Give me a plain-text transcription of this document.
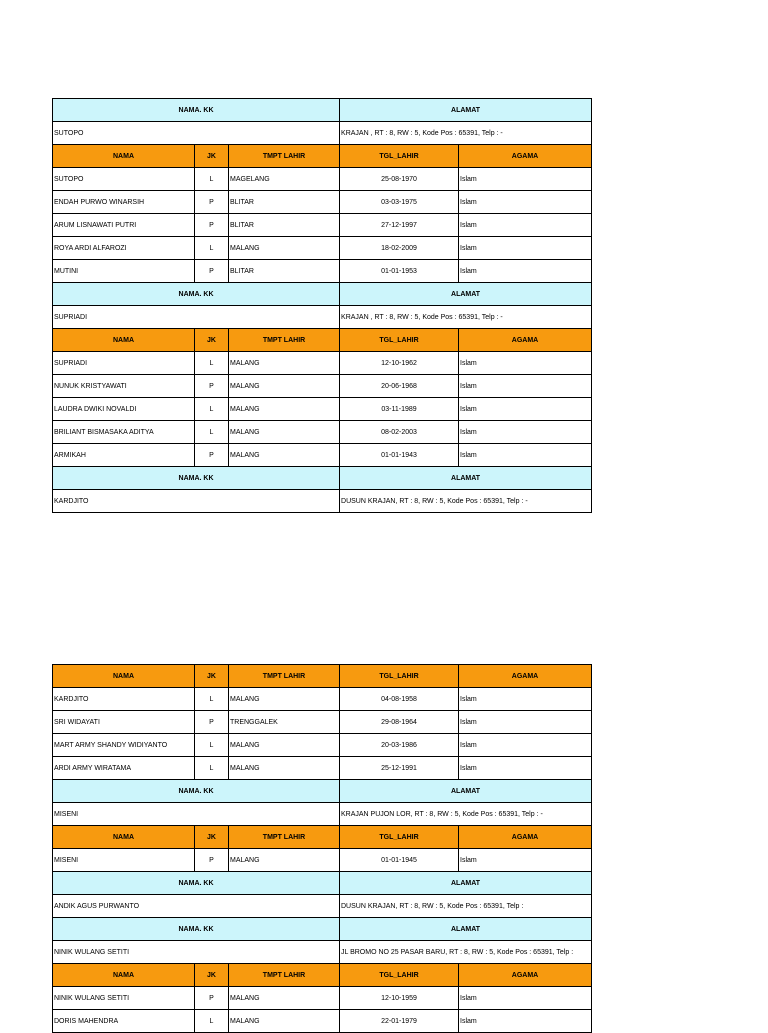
NAMA. KK			ALAMAT	
SUTOPO			KRAJAN , RT : 8, RW : 5, Kode Pos : 65391, Telp : -	
NAMA	JK	TMPT LAHIR	TGL_LAHIR	AGAMA
SUTOPO	L	MAGELANG	25-08-1970	Islam
ENDAH PURWO WINARSIH	P	BLITAR	03-03-1975	Islam
ARUM LISNAWATI PUTRI	P	BLITAR	27-12-1997	Islam
ROYA ARDI ALFAROZI	L	MALANG	18-02-2009	Islam
MUTINI	P	BLITAR	01-01-1953	Islam
NAMA. KK			ALAMAT	
SUPRIADI			KRAJAN , RT : 8, RW : 5, Kode Pos : 65391, Telp : -	
NAMA	JK	TMPT LAHIR	TGL_LAHIR	AGAMA
SUPRIADI	L	MALANG	12-10-1962	Islam
NUNUK KRISTYAWATI	P	MALANG	20-06-1968	Islam
LAUDRA DWIKI NOVALDI	L	MALANG	03-11-1989	Islam
BRILIANT BISMASAKA ADITYA	L	MALANG	08-02-2003	Islam
ARMIKAH	P	MALANG	01-01-1943	Islam
NAMA. KK			ALAMAT	
KARDJITO			DUSUN KRAJAN, RT : 8, RW : 5, Kode Pos : 65391, Telp : -	
NAMA	JK	TMPT LAHIR	TGL_LAHIR	AGAMA
KARDJITO	L	MALANG	04-08-1958	Islam
SRI WIDAYATI	P	TRENGGALEK	29-08-1964	Islam
MART ARMY SHANDY WIDIYANTO	L	MALANG	20-03-1986	Islam
ARDI ARMY WIRATAMA	L	MALANG	25-12-1991	Islam
NAMA. KK			ALAMAT	
MISENI			KRAJAN PUJON LOR, RT : 8, RW : 5, Kode Pos : 65391, Telp : -	
NAMA	JK	TMPT LAHIR	TGL_LAHIR	AGAMA
MISENI	P	MALANG	01-01-1945	Islam
NAMA. KK			ALAMAT	
ANDIK AGUS PURWANTO			DUSUN KRAJAN, RT : 8, RW : 5, Kode Pos : 65391, Telp :	
NAMA. KK			ALAMAT	
NINIK WULANG SETITI			JL BROMO NO 25 PASAR BARU, RT : 8, RW : 5, Kode Pos : 65391, Telp :	
NAMA	JK	TMPT LAHIR	TGL_LAHIR	AGAMA
NINIK WULANG SETITI	P	MALANG	12-10-1959	Islam
DORIS MAHENDRA	L	MALANG	22-01-1979	Islam
